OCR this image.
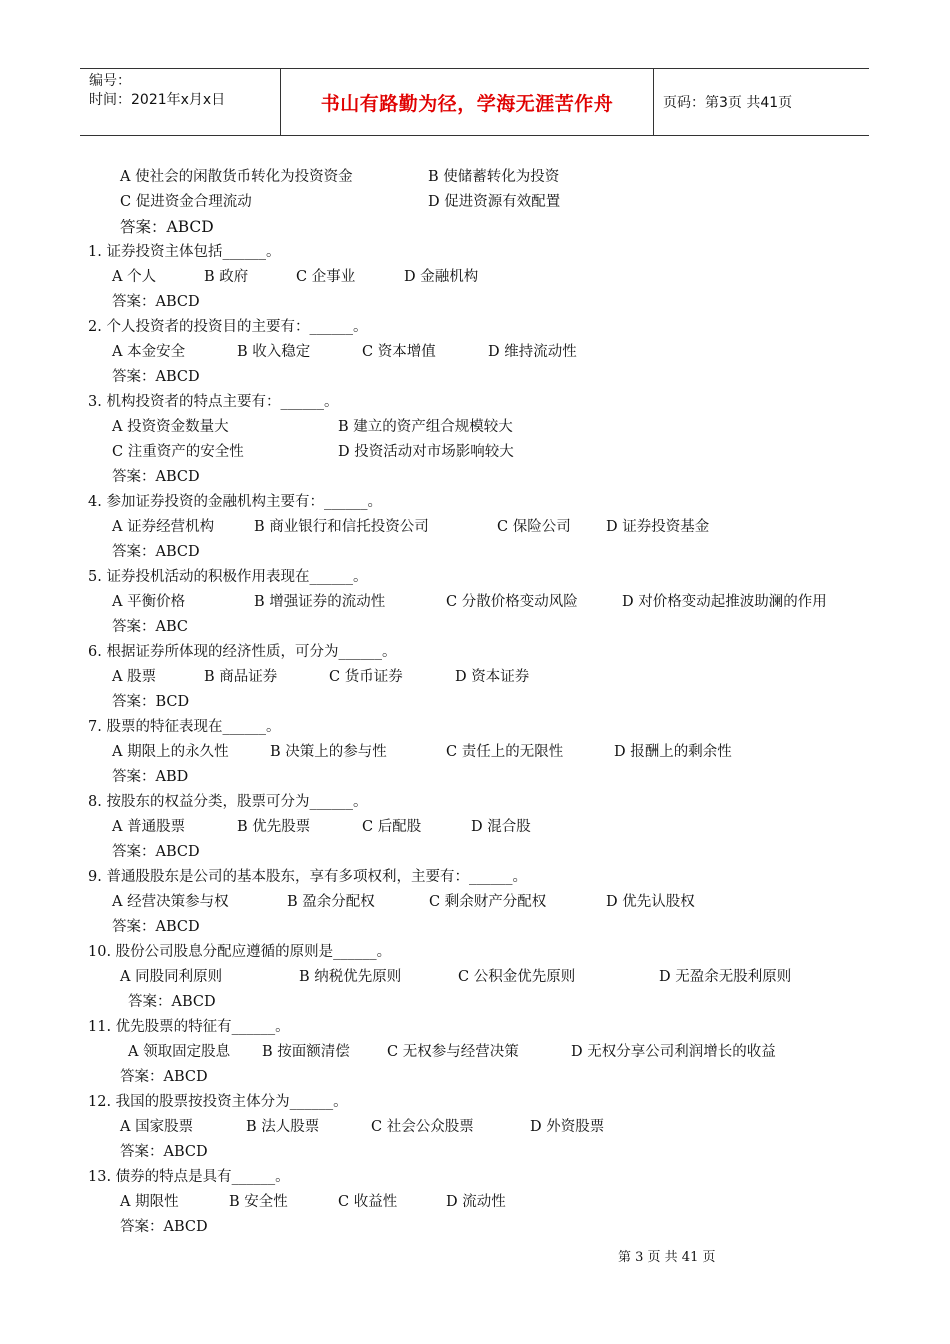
编号：
时间：2021年x月x日	书山有路勤为径，学海无涯苦作舟	页码：第3页 共41页
A 使社会的闲散货币转化为投资资金	B 使储蓄转化为投资
C 促进资金合理流动	D 促进资源有效配置
答案：ABCD
1. 证券投资主体包括______。
A 个人	B 政府	C 企事业	D 金融机构
答案：ABCD
2. 个人投资者的投资目的主要有：______。
A 本金安全	B 收入稳定	C 资本增值	D 维持流动性
答案：ABCD
3. 机构投资者的特点主要有：______。
A 投资资金数量大	B 建立的资产组合规模较大
C 注重资产的安全性	D 投资活动对市场影响较大
答案：ABCD
4. 参加证券投资的金融机构主要有：______。
A 证券经营机构	B 商业银行和信托投资公司	C 保险公司 D 证券投资基金
答案：ABCD
5. 证券投机活动的积极作用表现在______。
A 平衡价格	B 增强证券的流动性	C 分散价格变动风险	D 对价格变动起推波助澜的作用
答案：ABC
6. 根据证券所体现的经济性质，可分为______。
A 股票	B 商品证券	C 货币证券	D 资本证券
答案：BCD
7. 股票的特征表现在______。
A 期限上的永久性	B 决策上的参与性	C 责任上的无限性	D 报酬上的剩余性
答案：ABD
8. 按股东的权益分类，股票可分为______。
A 普通股票	B 优先股票	C 后配股	D 混合股
答案：ABCD
9. 普通股股东是公司的基本股东，享有多项权利，主要有：______。
A 经营决策参与权	B 盈余分配权	C 剩余财产分配权	D 优先认股权
答案：ABCD
10. 股份公司股息分配应遵循的原则是______。
A 同股同利原则	B 纳税优先原则	C 公积金优先原则	D 无盈余无股利原则
答案：ABCD
11. 优先股票的特征有______。
A 领取固定股息 B 按面额清偿	C 无权参与经营决策	D 无权分享公司利润增长的收益
答案：ABCD
12. 我国的股票按投资主体分为______。
A 国家股票	B 法人股票	C 社会公众股票	D 外资股票
答案：ABCD
13. 债券的特点是具有______。
A 期限性	B 安全性	C 收益性	D 流动性
答案：ABCD
第 3 页 共 41 页
